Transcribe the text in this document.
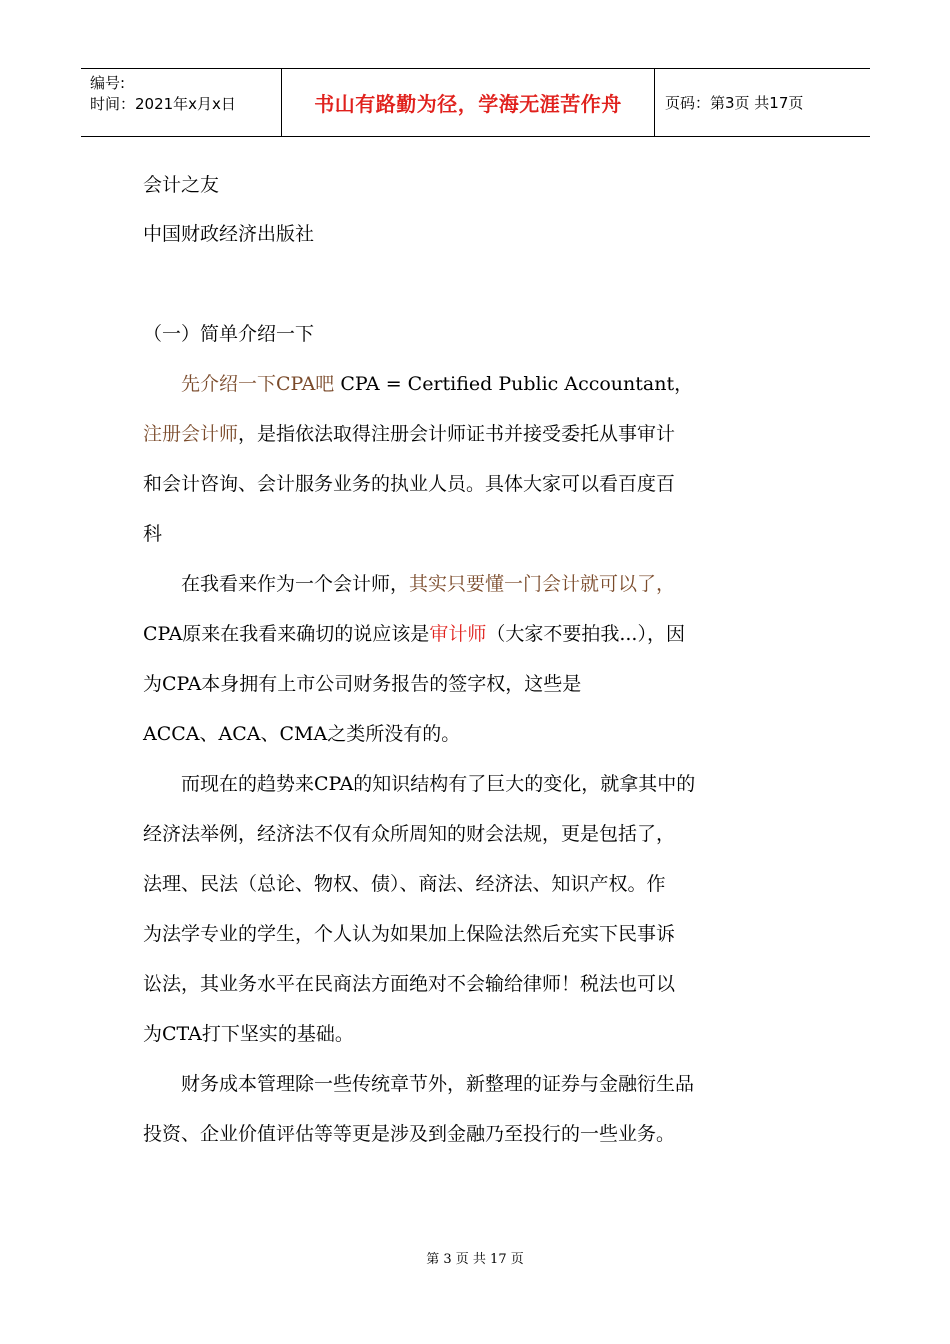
编号:
时间：2021年x月x日	书山有路勤为径，学海无涯苦作舟	页码：第3页 共17页
会计之友
中国财政经济出版社
（一）简单介绍一下
先介绍一下CPA吧 CPA = Certified Public Accountant，
注册会计师，是指依法取得注册会计师证书并接受委托从事审计
和会计咨询、会计服务业务的执业人员。具体大家可以看百度百
科
在我看来作为一个会计师，其实只要懂一门会计就可以了，
CPA原来在我看来确切的说应该是审计师（大家不要拍我...），因
为CPA本身拥有上市公司财务报告的签字权，这些是
ACCA、ACA、CMA之类所没有的。
而现在的趋势来CPA的知识结构有了巨大的变化，就拿其中的
经济法举例，经济法不仅有众所周知的财会法规，更是包括了，
法理、民法（总论、物权、债）、商法、经济法、知识产权。作
为法学专业的学生，个人认为如果加上保险法然后充实下民事诉
讼法，其业务水平在民商法方面绝对不会输给律师！税法也可以
为CTA打下坚实的基础。
财务成本管理除一些传统章节外，新整理的证券与金融衍生品
投资、企业价值评估等等更是涉及到金融乃至投行的一些业务。
第 3 页 共 17 页
